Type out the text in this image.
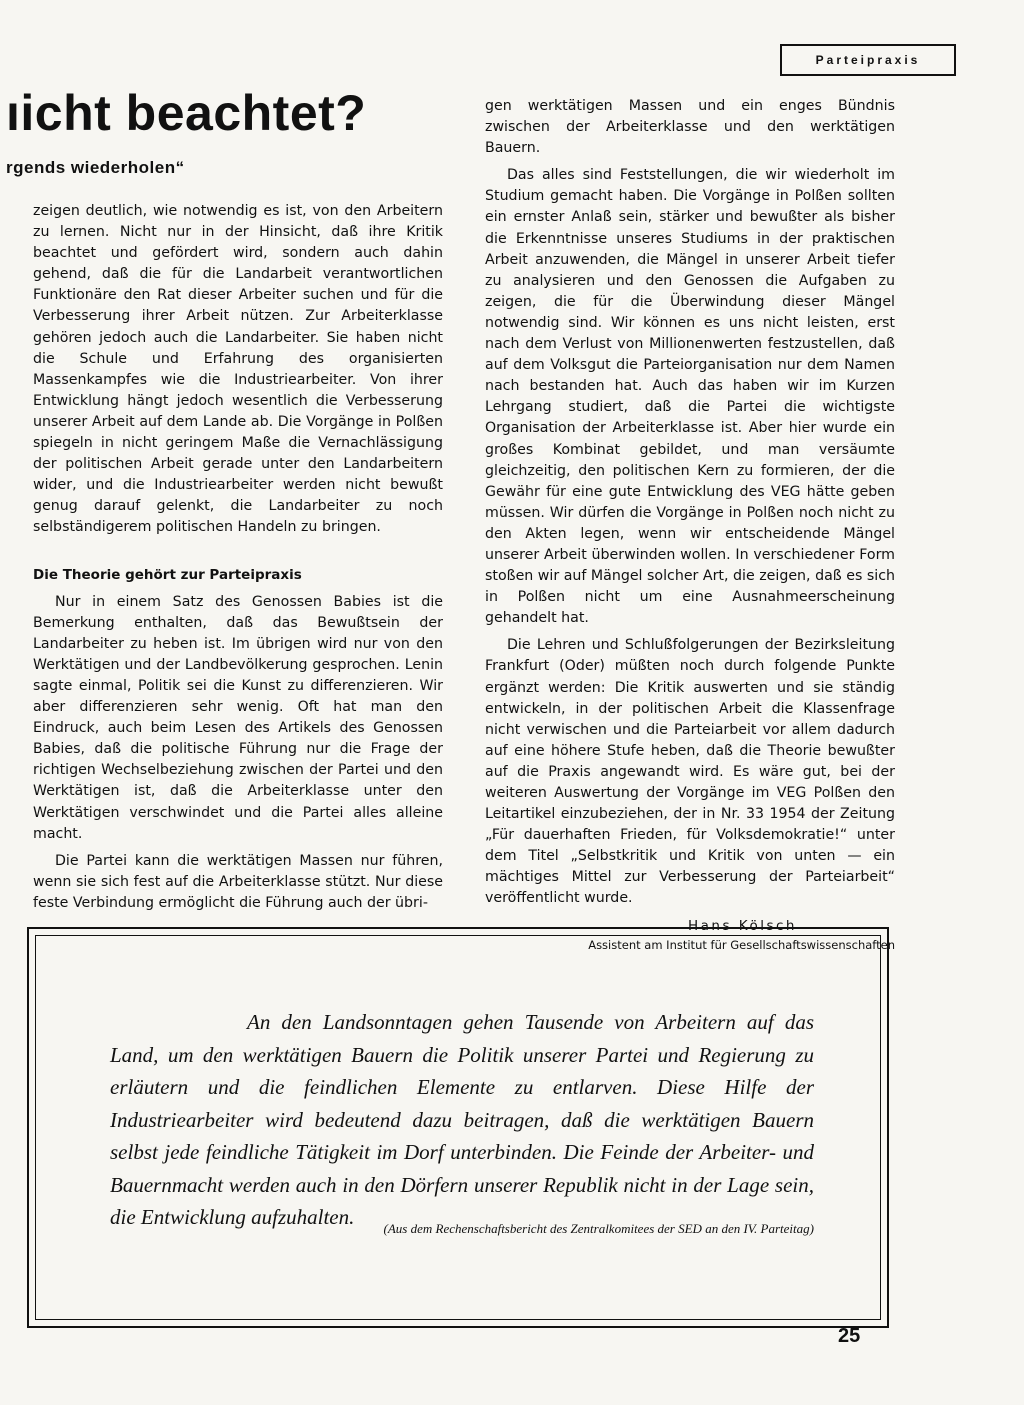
Parteipraxis
ıicht beachtet?
rgends wiederholen“

zeigen deutlich, wie notwendig es ist, von den Arbeitern zu lernen. Nicht nur in der Hinsicht, daß ihre Kritik beachtet und gefördert wird, sondern auch dahin gehend, daß die für die Landarbeit verantwortlichen Funktionäre den Rat dieser Arbeiter suchen und für die Verbesserung ihrer Arbeit nützen. Zur Arbeiterklasse gehören jedoch auch die Landarbeiter. Sie haben nicht die Schule und Erfahrung des organisierten Massenkampfes wie die Industriearbeiter. Von ihrer Entwicklung hängt jedoch wesentlich die Verbesserung unserer Arbeit auf dem Lande ab. Die Vorgänge in Polßen spiegeln in nicht geringem Maße die Vernachlässigung der politischen Arbeit gerade unter den Landarbeitern wider, und die Industriearbeiter werden nicht bewußt genug darauf gelenkt, die Landarbeiter zu noch selbständigerem politischen Handeln zu bringen.

Die Theorie gehört zur Parteipraxis

Nur in einem Satz des Genossen Babies ist die Bemerkung enthalten, daß das Bewußtsein der Landarbeiter zu heben ist. Im übrigen wird nur von den Werktätigen und der Landbevölkerung gesprochen. Lenin sagte einmal, Politik sei die Kunst zu differenzieren. Wir aber differenzieren sehr wenig. Oft hat man den Eindruck, auch beim Lesen des Artikels des Genossen Babies, daß die politische Führung nur die Frage der richtigen Wechselbeziehung zwischen der Partei und den Werktätigen ist, daß die Arbeiterklasse unter den Werktätigen verschwindet und die Partei alles alleine macht.

Die Partei kann die werktätigen Massen nur führen, wenn sie sich fest auf die Arbeiterklasse stützt. Nur diese feste Verbindung ermöglicht die Führung auch der übri-

gen werktätigen Massen und ein enges Bündnis zwischen der Arbeiterklasse und den werktätigen Bauern.

Das alles sind Feststellungen, die wir wiederholt im Studium gemacht haben. Die Vorgänge in Polßen sollten ein ernster Anlaß sein, stärker und bewußter als bisher die Erkenntnisse unseres Studiums in der praktischen Arbeit anzuwenden, die Mängel in unserer Arbeit tiefer zu analysieren und den Genossen die Aufgaben zu zeigen, die für die Überwindung dieser Mängel notwendig sind. Wir können es uns nicht leisten, erst nach dem Verlust von Millionenwerten festzustellen, daß auf dem Volksgut die Parteiorganisation nur dem Namen nach bestanden hat. Auch das haben wir im Kurzen Lehrgang studiert, daß die Partei die wichtigste Organisation der Arbeiterklasse ist. Aber hier wurde ein großes Kombinat gebildet, und man versäumte gleichzeitig, den politischen Kern zu formieren, der die Gewähr für eine gute Entwicklung des VEG hätte geben müssen. Wir dürfen die Vorgänge in Polßen noch nicht zu den Akten legen, wenn wir entscheidende Mängel unserer Arbeit überwinden wollen. In verschiedener Form stoßen wir auf Mängel solcher Art, die zeigen, daß es sich in Polßen nicht um eine Ausnahmeerscheinung gehandelt hat.

Die Lehren und Schlußfolgerungen der Bezirksleitung Frankfurt (Oder) müßten noch durch folgende Punkte ergänzt werden: Die Kritik auswerten und sie ständig entwickeln, in der politischen Arbeit die Klassenfrage nicht verwischen und die Parteiarbeit vor allem dadurch auf eine höhere Stufe heben, daß die Theorie bewußter auf die Praxis angewandt wird. Es wäre gut, bei der weiteren Auswertung der Vorgänge im VEG Polßen den Leitartikel einzubeziehen, der in Nr. 33 1954 der Zeitung „Für dauerhaften Frieden, für Volksdemokratie!“ unter dem Titel „Selbstkritik und Kritik von unten — ein mächtiges Mittel zur Verbesserung der Parteiarbeit“ veröffentlicht wurde.

Hans Kölsch

Assistent am Institut für Gesellschaftswissenschaften

An den Landsonntagen gehen Tausende von Arbeitern auf das Land, um den werktätigen Bauern die Politik unserer Partei und Regierung zu erläutern und die feindlichen Elemente zu entlarven. Diese Hilfe der Industriearbeiter wird bedeutend dazu beitragen, daß die werktätigen Bauern selbst jede feindliche Tätigkeit im Dorf unterbinden. Die Feinde der Arbeiter- und Bauernmacht werden auch in den Dörfern unserer Republik nicht in der Lage sein, die Entwicklung aufzuhalten.	(Aus dem Rechenschaftsbericht des Zentralkomitees der SED an den IV. Parteitag)
25
